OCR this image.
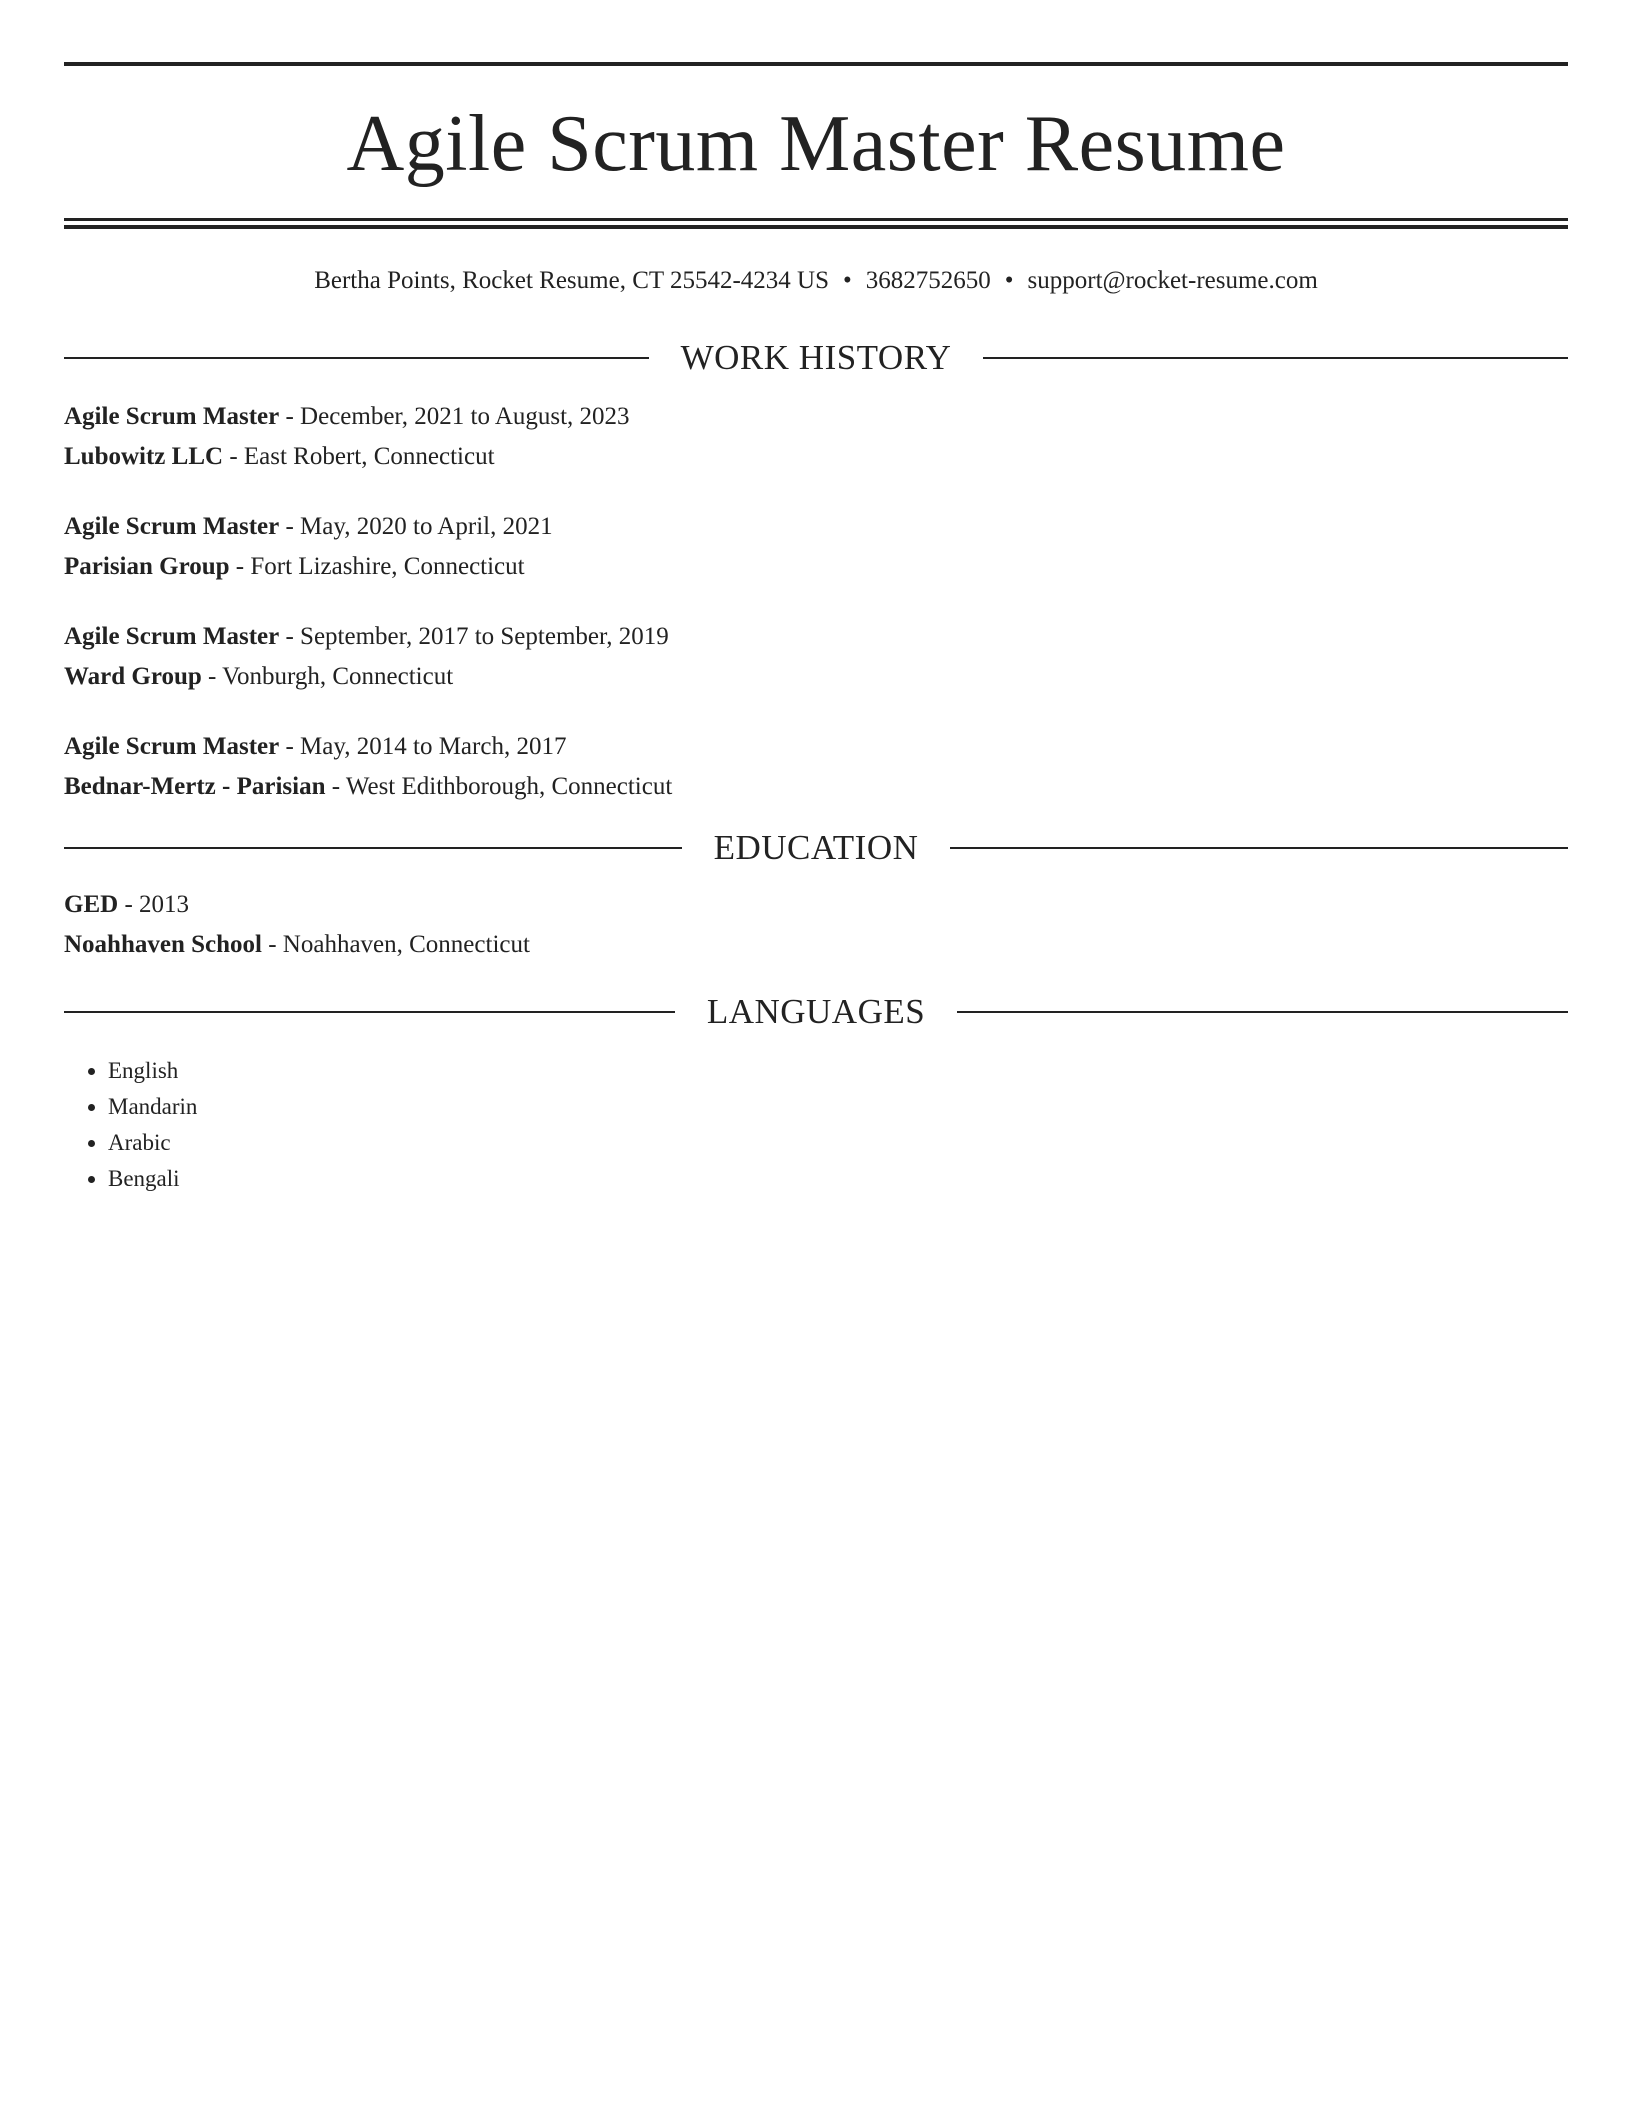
Agile Scrum Master Resume
Bertha Points, Rocket Resume, CT 25542-4234 US • 3682752650 • support@rocket-resume.com
WORK HISTORY
Agile Scrum Master - December, 2021 to August, 2023
Lubowitz LLC - East Robert, Connecticut
Agile Scrum Master - May, 2020 to April, 2021
Parisian Group - Fort Lizashire, Connecticut
Agile Scrum Master - September, 2017 to September, 2019
Ward Group - Vonburgh, Connecticut
Agile Scrum Master - May, 2014 to March, 2017
Bednar-Mertz - Parisian - West Edithborough, Connecticut
EDUCATION
GED - 2013
Noahhaven School - Noahhaven, Connecticut
LANGUAGES
• English
• Mandarin
• Arabic
• Bengali
